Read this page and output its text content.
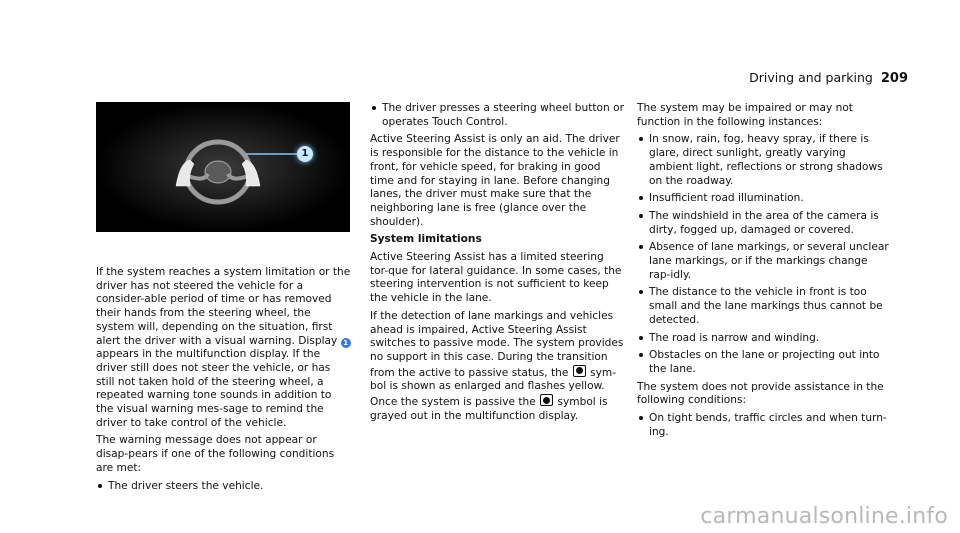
Driving and parking 209
1

If the system reaches a system limitation or the driver has not steered the vehicle for a consider-able period of time or has removed their hands from the steering wheel, the system will, depending on the situation, first alert the driver with a visual warning. Display 1 appears in the multifunction display. If the driver still does not steer the vehicle, or has still not taken hold of the steering wheel, a repeated warning tone sounds in addition to the visual warning mes-sage to remind the driver to take control of the vehicle.

The warning message does not appear or disap-pears if one of the following conditions are met:

The driver steers the vehicle.
The driver presses a steering wheel button or operates Touch Control.

Active Steering Assist is only an aid. The driver is responsible for the distance to the vehicle in front, for vehicle speed, for braking in good time and for staying in lane. Before changing lanes, the driver must make sure that the neighboring lane is free (glance over the shoulder).

System limitations

Active Steering Assist has a limited steering tor-que for lateral guidance. In some cases, the steering intervention is not sufficient to keep the vehicle in the lane.

If the detection of lane markings and vehicles ahead is impaired, Active Steering Assist switches to passive mode. The system provides no support in this case. During the transition from the active to passive status, the  sym-bol is shown as enlarged and flashes yellow. Once the system is passive the  symbol is grayed out in the multifunction display.

The system may be impaired or may not function in the following instances:

In snow, rain, fog, heavy spray, if there is glare, direct sunlight, greatly varying ambient light, reflections or strong shadows on the roadway.
Insufficient road illumination.
The windshield in the area of the camera is dirty, fogged up, damaged or covered.
Absence of lane markings, or several unclear lane markings, or if the markings change rap-idly.
The distance to the vehicle in front is too small and the lane markings thus cannot be detected.
The road is narrow and winding.
Obstacles on the lane or projecting out into the lane.

The system does not provide assistance in the following conditions:

On tight bends, traffic circles and when turn-ing.
carmanualsonline.info
